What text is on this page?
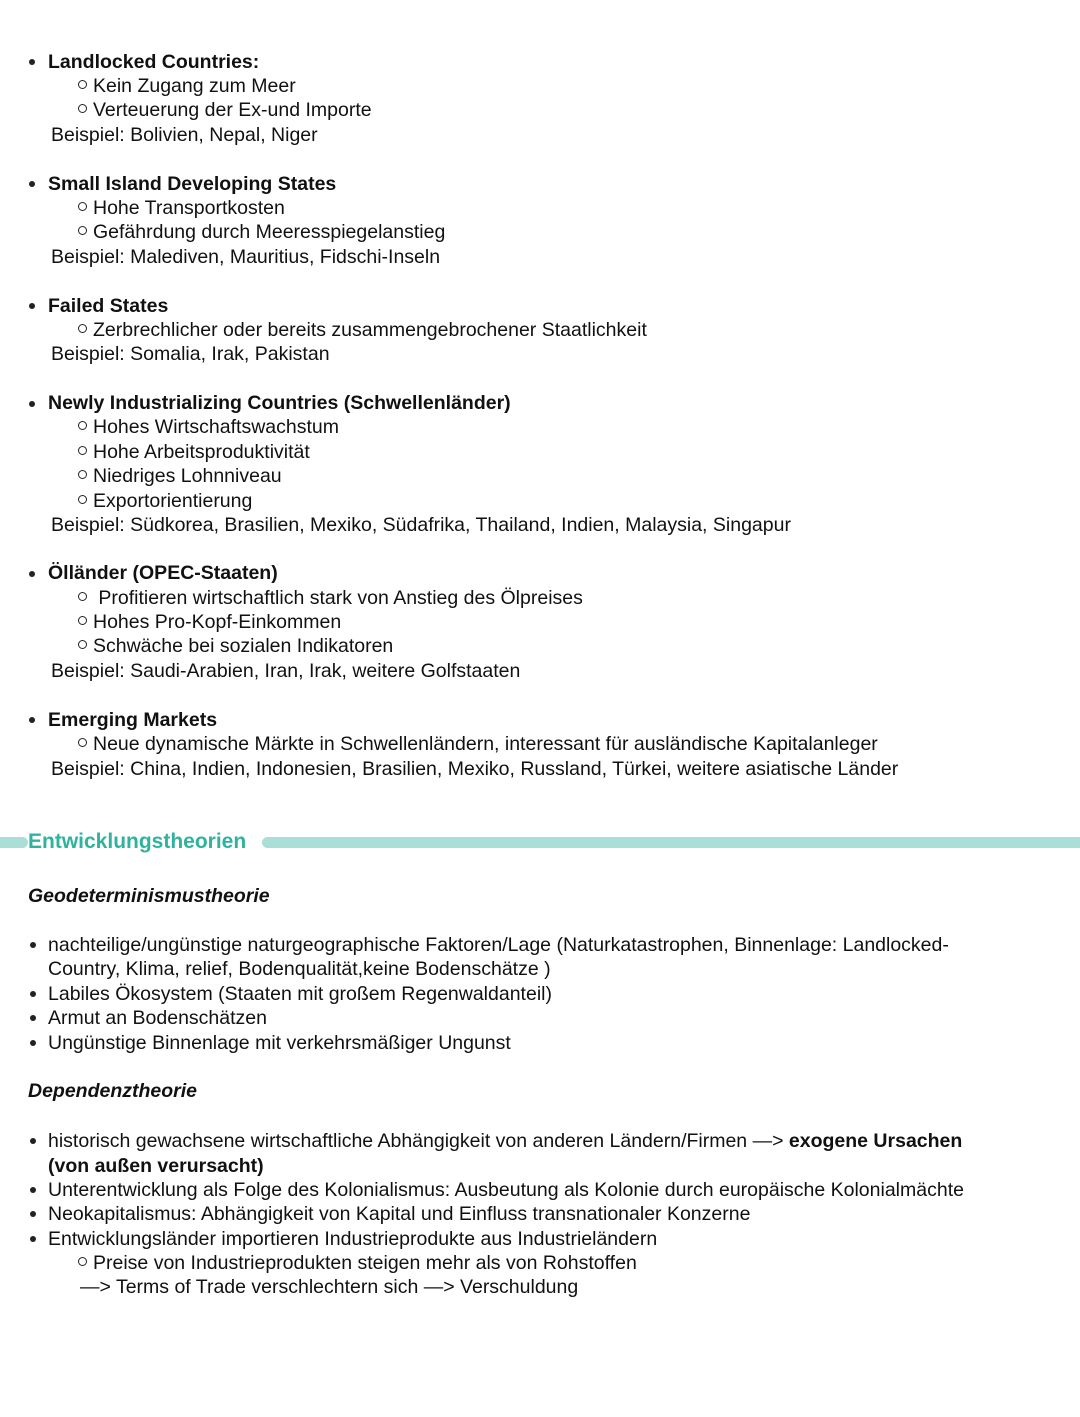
Landlocked Countries:
Kein Zugang zum Meer
Verteuerung der Ex-und Importe
Beispiel: Bolivien, Nepal, Niger
Small Island Developing States
Hohe Transportkosten
Gefährdung durch Meeresspiegelanstieg
Beispiel: Malediven, Mauritius, Fidschi-Inseln
Failed States
Zerbrechlicher oder bereits zusammengebrochener Staatlichkeit
Beispiel: Somalia, Irak, Pakistan
Newly Industrializing Countries (Schwellenländer)
Hohes Wirtschaftswachstum
Hohe Arbeitsproduktivität
Niedriges Lohnniveau
Exportorientierung
Beispiel: Südkorea, Brasilien, Mexiko, Südafrika, Thailand, Indien, Malaysia, Singapur
Ölländer (OPEC-Staaten)
Profitieren wirtschaftlich stark von Anstieg des Ölpreises
Hohes Pro-Kopf-Einkommen
Schwäche bei sozialen Indikatoren
Beispiel: Saudi-Arabien, Iran, Irak, weitere Golfstaaten
Emerging Markets
Neue dynamische Märkte in Schwellenländern, interessant für ausländische Kapitalanleger
Beispiel: China, Indien, Indonesien, Brasilien, Mexiko, Russland, Türkei, weitere asiatische Länder
Entwicklungstheorien
Geodeterminismustheorie
nachteilige/ungünstige naturgeographische Faktoren/Lage (Naturkatastrophen, Binnenlage: Landlocked-
Country, Klima, relief, Bodenqualität,keine Bodenschätze )
Labiles Ökosystem (Staaten mit großem Regenwaldanteil)
Armut an Bodenschätzen
Ungünstige Binnenlage mit verkehrsmäßiger Ungunst
Dependenztheorie
historisch gewachsene wirtschaftliche Abhängigkeit von anderen Ländern/Firmen —> exogene Ursachen
(von außen verursacht)
Unterentwicklung als Folge des Kolonialismus: Ausbeutung als Kolonie durch europäische Kolonialmächte
Neokapitalismus: Abhängigkeit von Kapital und Einfluss transnationaler Konzerne
Entwicklungsländer importieren Industrieprodukte aus Industrieländern
Preise von Industrieprodukten steigen mehr als von Rohstoffen
—> Terms of Trade verschlechtern sich —> Verschuldung
